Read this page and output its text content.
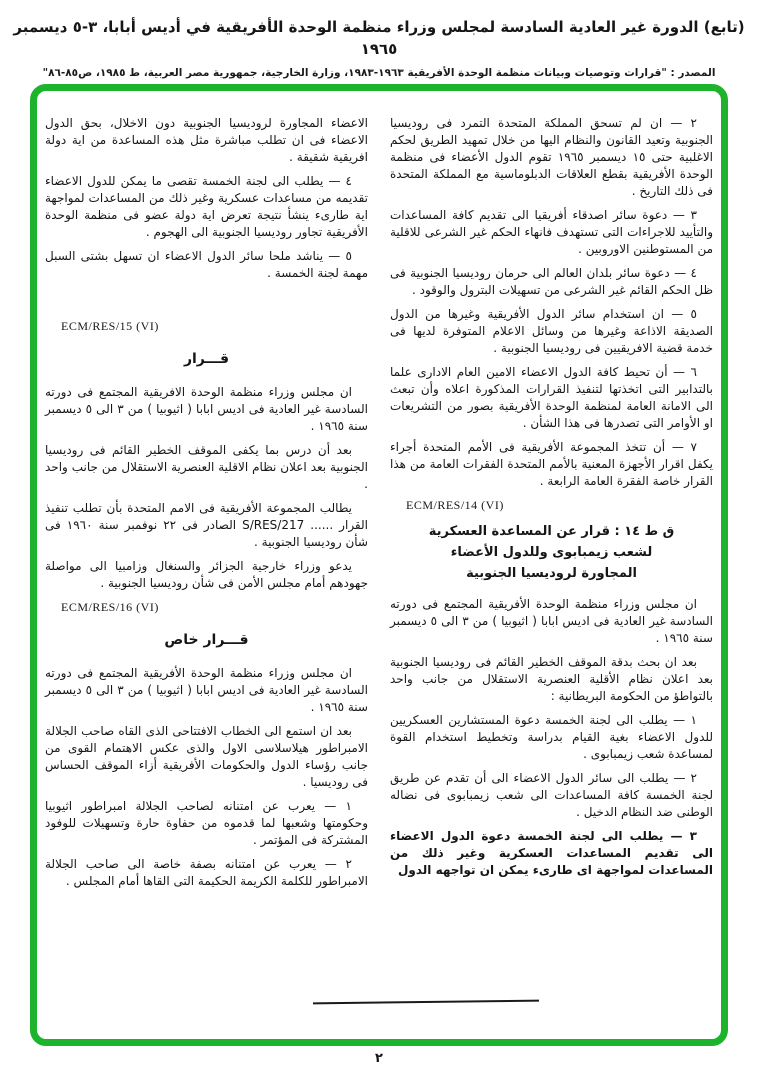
(تابع) الدورة غير العادية السادسة لمجلس وزراء منظمة الوحدة الأفريقية في أديس أبابا، ٣-٥ ديسمبر ١٩٦٥
المصدر : "قرارات وتوصيات وبيانات منظمة الوحدة الأفريقية ١٩٦٣-١٩٨٣، وزارة الخارجية، جمهورية مصر العربية، ط ١٩٨٥، ص٨٥-٨٦"

٢ — ان لم تسحق المملكة المتحدة التمرد فى روديسيا الجنوبية وتعيد القانون والنظام اليها من خلال تمهيد الطريق لحكم الاغلبية حتى ١٥ ديسمبر ١٩٦٥ تقوم الدول الأعضاء فى منظمة الوحدة الأفريقية بقطع العلاقات الدبلوماسية مع المملكة المتحدة فى ذلك التاريخ .

٣ — دعوة سائر اصدقاء أفريقيا الى تقديم كافة المساعدات والتأييد للاجراءات التى تستهدف فانهاء الحكم غير الشرعى للاقلية من المستوطنين الاوروبين .

٤ — دعوة سائر بلدان العالم الى حرمان روديسيا الجنوبية فى ظل الحكم القائم غير الشرعى من تسهيلات البترول والوقود .

٥ — ان استخدام سائر الدول الأفريقية وغيرها من الدول الصديقة الاذاعة وغيرها من وسائل الاعلام المتوفرة لديها فى خدمة قضية الافريقيين فى روديسيا الجنوبية .

٦ — أن تحيط كافة الدول الاعضاء الامين العام الادارى علما بالتدابير التى اتخذتها لتنفيذ القرارات المذكورة اعلاه وأن تبعث الى الامانة العامة لمنظمة الوحدة الأفريقية بصور من التشريعات او الأوامر التى تصدرها فى هذا الشأن .

٧ — أن تتخذ المجموعة الأفريقية فى الأمم المتحدة أجراء يكفل اقرار الأجهزة المعنية بالأمم المتحدة الفقرات العامة من هذا القرار خاصة الفقرة العامة الرابعة .

ECM/RES/14 (VI)

ق ط ١٤ : قرار عن المساعدة العسكرية
لشعب زيمبابوى وللدول الأعضاء
المجاورة لروديسيا الجنوبية

ان مجلس وزراء منظمة الوحدة الأفريقية المجتمع فى دورته السادسة غير العادية فى اديس ابابا ( اثيوبيا ) من ٣ الى ٥ ديسمبر سنة ١٩٦٥ .

بعد ان بحث بدقة الموقف الخطير القائم فى روديسيا الجنوبية بعد اعلان نظام الأقلية العنصرية الاستقلال من جانب واحد بالتواطؤ من الحكومة البريطانية :

١ — يطلب الى لجنة الخمسة دعوة المستشارين العسكريين للدول الاعضاء بغية القيام بدراسة وتخطيط استخدام القوة لمساعدة شعب زيمبابوى .

٢ — يطلب الى سائر الدول الاعضاء الى أن تقدم عن طريق لجنة الخمسة كافة المساعدات الى شعب زيمبابوى فى نضاله الوطنى ضد النظام الدخيل .

٣ — يطلب الى لجنة الخمسة دعوة الدول الاعضاء الى تقديم المساعدات العسكرية وغير ذلك من المساعدات لمواجهة اى طارىء يمكن ان تواجهه الدول

الاعضاء المجاورة لروديسيا الجنوبية دون الاخلال، بحق الدول الاعضاء فى ان تطلب مباشرة مثل هذه المساعدة من اية دولة افريقية شقيقة .

٤ — يطلب الى لجنة الخمسة تقصى ما يمكن للدول الاعضاء تقديمه من مساعدات عسكرية وغير ذلك من المساعدات لمواجهة اية طارىء ينشأ نتيجة تعرض اية دولة عضو فى منظمة الوحدة الأفريقية تجاور روديسيا الجنوبية الى الهجوم .

٥ — يناشد ملحا سائر الدول الاعضاء ان تسهل بشتى السبل مهمة لجنة الخمسة .

ECM/RES/15 (VI)

قـــرار

ان مجلس وزراء منظمة الوحدة الافريقية المجتمع فى دورته السادسة غير العادية فى اديس ابابا ( اثيوبيا ) من ٣ الى ٥ ديسمبر سنة ١٩٦٥ .

بعد أن درس بما يكفى الموقف الخطير القائم فى روديسيا الجنوبية بعد اعلان نظام الاقلية العنصرية الاستقلال من جانب واحد .

يطالب المجموعة الأفريقية فى الامم المتحدة بأن تطلب تنفيذ القرار ...... S/RES/217 الصادر فى ٢٢ نوفمبر سنة ١٩٦٠ فى شأن روديسيا الجنوبية .

يدعو وزراء خارجية الجزائر والسنغال وزامبيا الى مواصلة جهودهم أمام مجلس الأمن فى شأن روديسيا الجنوبية .

ECM/RES/16 (VI)

قـــرار خاص

ان مجلس وزراء منظمة الوحدة الأفريقية المجتمع فى دورته السادسة غير العادية فى اديس ابابا ( اثيوبيا ) من ٣ الى ٥ ديسمبر سنة ١٩٦٥ .

بعد ان استمع الى الخطاب الافتتاحى الذى القاه صاحب الجلالة الامبراطور هيلاسلاسى الاول والذى عكس الاهتمام القوى من جانب رؤساء الدول والحكومات الأفريقية أزاء الموقف الحساس فى روديسيا .

١ — يعرب عن امتنانه لصاحب الجلالة امبراطور اثيوبيا وحكومتها وشعبها لما قدموه من حفاوة حارة وتسهيلات للوفود المشتركة فى المؤتمر .

٢ — يعرب عن امتنانه بصفة خاصة الى صاحب الجلالة الامبراطور للكلمة الكريمة الحكيمة التى القاها أمام المجلس .

٢
